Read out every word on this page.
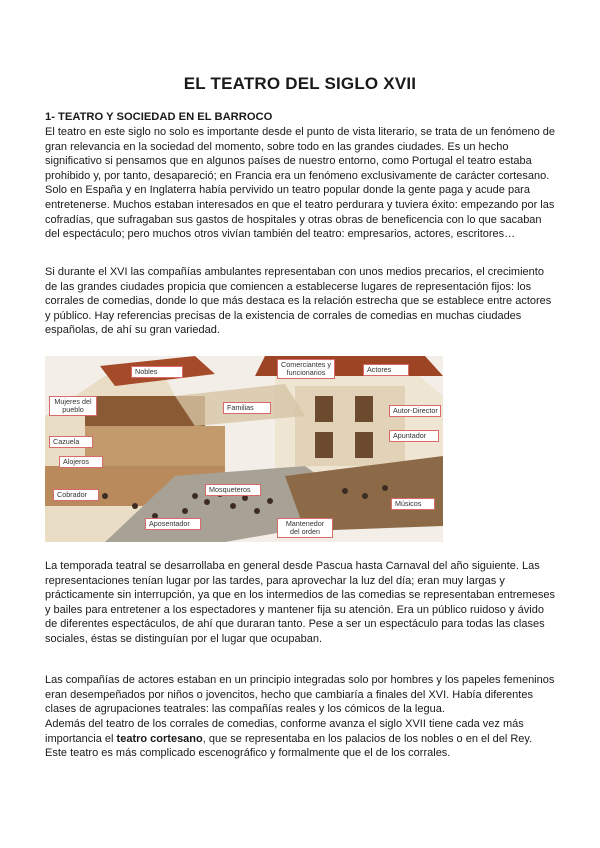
EL TEATRO DEL SIGLO XVII
1- TEATRO Y SOCIEDAD EN EL BARROCO

El teatro en este siglo no solo es importante desde el punto de vista literario, se trata de un fenómeno de gran relevancia en la sociedad del momento, sobre todo en las grandes ciudades. Es un hecho significativo si pensamos que en algunos países de nuestro entorno, como Portugal el teatro estaba prohibido y, por tanto, desapareció; en Francia era un fenómeno exclusivamente de carácter cortesano. Solo en España y en Inglaterra había pervivido un teatro popular donde la gente paga y acude para entretenerse. Muchos estaban interesados en que el teatro perdurara y tuviera éxito: empezando por las cofradías, que sufragaban sus gastos de hospitales y otras obras de beneficencia con lo que sacaban del espectáculo; pero muchos otros vivían también del teatro: empresarios, actores, escritores…

Si durante el XVI las compañías ambulantes representaban con unos medios precarios, el crecimiento de las grandes ciudades propicia que comiencen a establecerse lugares de representación fijos: los corrales de comedias, donde lo que más destaca es la relación estrecha que se establece entre actores y público. Hay referencias precisas de la existencia de corrales de comedias en muchas ciudades españolas, de ahí su gran variedad.

Nobles
Comerciantes y funcionarios	Actores
Mujeres del pueblo	Familias	Autor-Director
Cazuela
Apuntador
Alojeros
Mosqueteros
Cobrador
Músicos
Aposentador	Mantenedor del orden

La temporada teatral se desarrollaba en general desde Pascua hasta Carnaval del año siguiente. Las representaciones tenían lugar por las tardes, para aprovechar la luz del día; eran muy largas y prácticamente sin interrupción, ya que en los intermedios de las comedias se representaban entremeses y bailes para entretener a los espectadores y mantener fija su atención. Era un público ruidoso y ávido de diferentes espectáculos, de ahí que duraran tanto. Pese a ser un espectáculo para todas las clases sociales, éstas se distinguían por el lugar que ocupaban.

Las compañías de actores estaban en un principio integradas solo por hombres y los papeles femeninos eran desempeñados por niños o jovencitos, hecho que cambiaría a finales del XVI. Había diferentes clases de agrupaciones teatrales: las compañías reales y los cómicos de la legua.

Además del teatro de los corrales de comedias, conforme avanza el siglo XVII tiene cada vez más importancia el teatro cortesano, que se representaba en los palacios de los nobles o en el del Rey. Este teatro es más complicado escenográfico y formalmente que el de los corrales.
